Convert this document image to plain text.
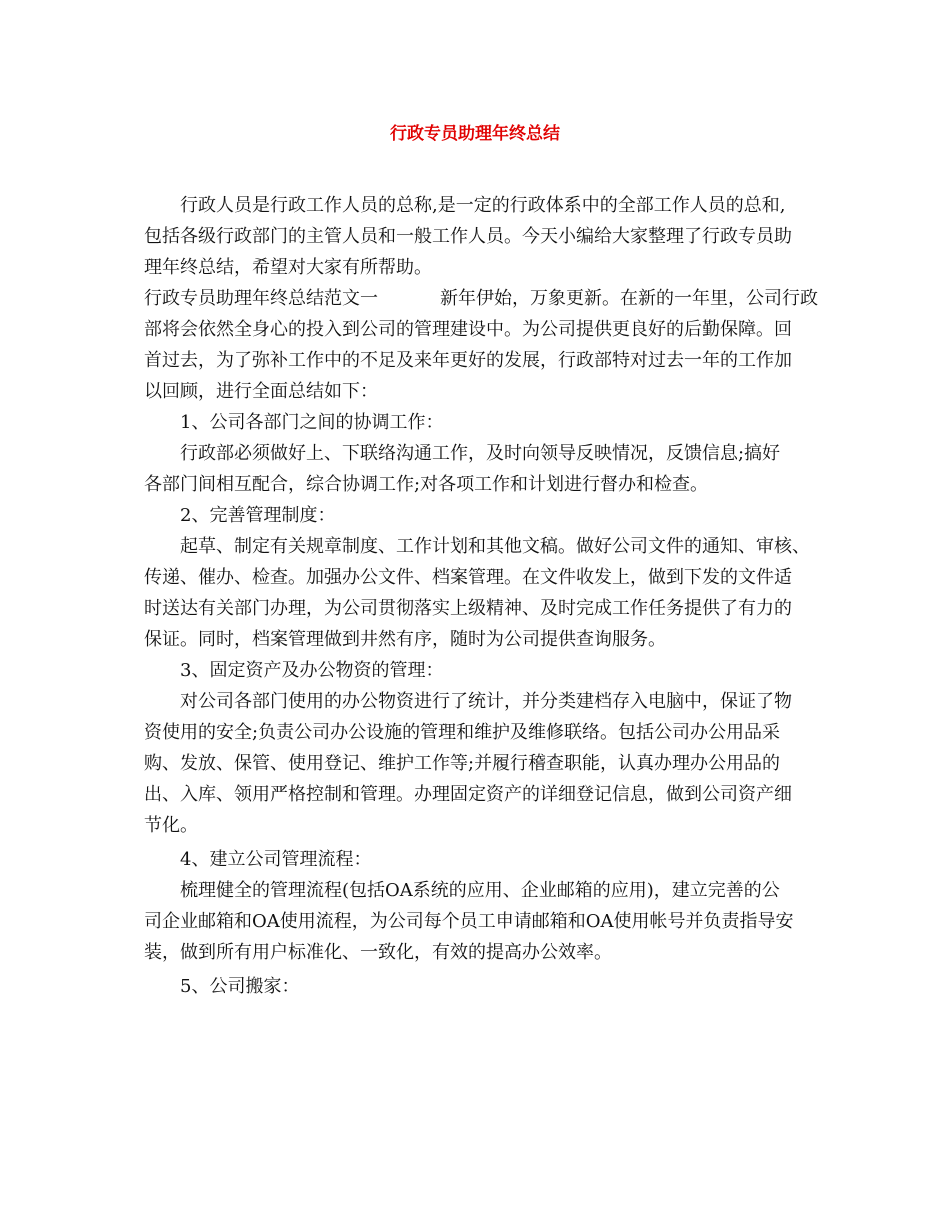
行政专员助理年终总结

行政人员是行政工作人员的总称,是一定的行政体系中的全部工作人员的总和,

包括各级行政部门的主管人员和一般工作人员。今天小编给大家整理了行政专员助

理年终总结，希望对大家有所帮助。

行政专员助理年终总结范文一	新年伊始，万象更新。在新的一年里，公司行政

部将会依然全身心的投入到公司的管理建设中。为公司提供更良好的后勤保障。回

首过去，为了弥补工作中的不足及来年更好的发展，行政部特对过去一年的工作加

以回顾，进行全面总结如下：

1、公司各部门之间的协调工作：

行政部必须做好上、下联络沟通工作，及时向领导反映情况，反馈信息;搞好

各部门间相互配合，综合协调工作;对各项工作和计划进行督办和检查。

2、完善管理制度：

起草、制定有关规章制度、工作计划和其他文稿。做好公司文件的通知、审核、

传递、催办、检查。加强办公文件、档案管理。在文件收发上，做到下发的文件适

时送达有关部门办理，为公司贯彻落实上级精神、及时完成工作任务提供了有力的

保证。同时，档案管理做到井然有序，随时为公司提供查询服务。

3、固定资产及办公物资的管理：

对公司各部门使用的办公物资进行了统计，并分类建档存入电脑中，保证了物

资使用的安全;负责公司办公设施的管理和维护及维修联络。包括公司办公用品采

购、发放、保管、使用登记、维护工作等;并履行稽查职能，认真办理办公用品的

出、入库、领用严格控制和管理。办理固定资产的详细登记信息，做到公司资产细

节化。

4、建立公司管理流程：

梳理健全的管理流程(包括OA系统的应用、企业邮箱的应用)，建立完善的公

司企业邮箱和OA使用流程，为公司每个员工申请邮箱和OA使用帐号并负责指导安

装，做到所有用户标准化、一致化，有效的提高办公效率。

5、公司搬家：
